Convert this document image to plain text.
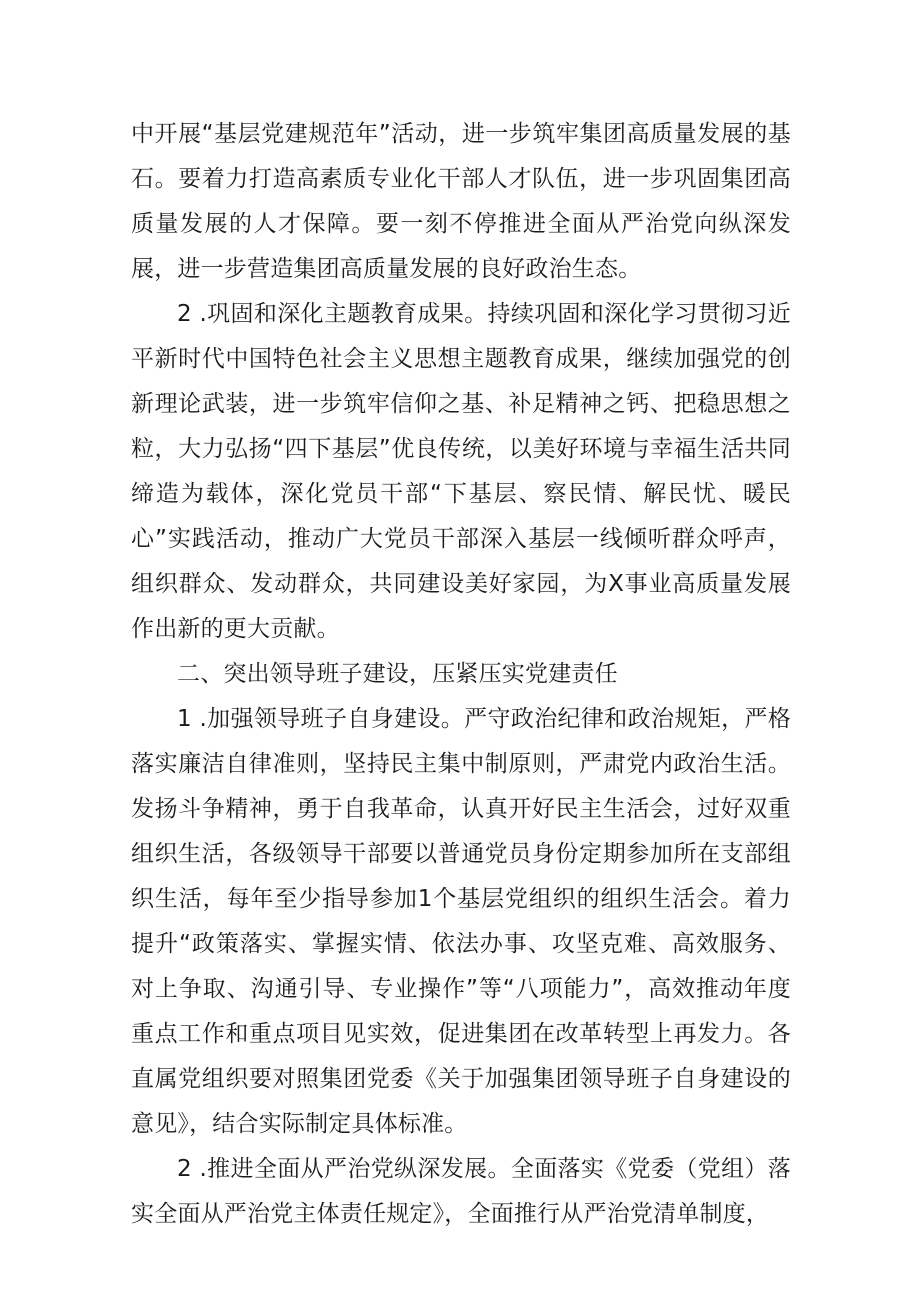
中开展“基层党建规范年”活动，进一步筑牢集团高质量发展的基石。要着力打造高素质专业化干部人才队伍，进一步巩固集团高质量发展的人才保障。要一刻不停推进全面从严治党向纵深发展，进一步营造集团高质量发展的良好政治生态。

2 .巩固和深化主题教育成果。持续巩固和深化学习贯彻习近平新时代中国特色社会主义思想主题教育成果，继续加强党的创新理论武装，进一步筑牢信仰之基、补足精神之钙、把稳思想之粒，大力弘扬“四下基层”优良传统，以美好环境与幸福生活共同缔造为载体，深化党员干部“下基层、察民情、解民忧、暖民心”实践活动，推动广大党员干部深入基层一线倾听群众呼声，组织群众、发动群众，共同建设美好家园，为X事业高质量发展作出新的更大贡献。

二、突出领导班子建设，压紧压实党建责任

1 .加强领导班子自身建设。严守政治纪律和政治规矩，严格落实廉洁自律准则，坚持民主集中制原则，严肃党内政治生活。发扬斗争精神，勇于自我革命，认真开好民主生活会，过好双重组织生活，各级领导干部要以普通党员身份定期参加所在支部组织生活，每年至少指导参加1个基层党组织的组织生活会。着力提升“政策落实、掌握实情、依法办事、攻坚克难、高效服务、对上争取、沟通引导、专业操作”等“八项能力”，高效推动年度重点工作和重点项目见实效，促进集团在改革转型上再发力。各直属党组织要对照集团党委《关于加强集团领导班子自身建设的意见》，结合实际制定具体标准。

2 .推进全面从严治党纵深发展。全面落实《党委（党组）落实全面从严治党主体责任规定》，全面推行从严治党清单制度，
